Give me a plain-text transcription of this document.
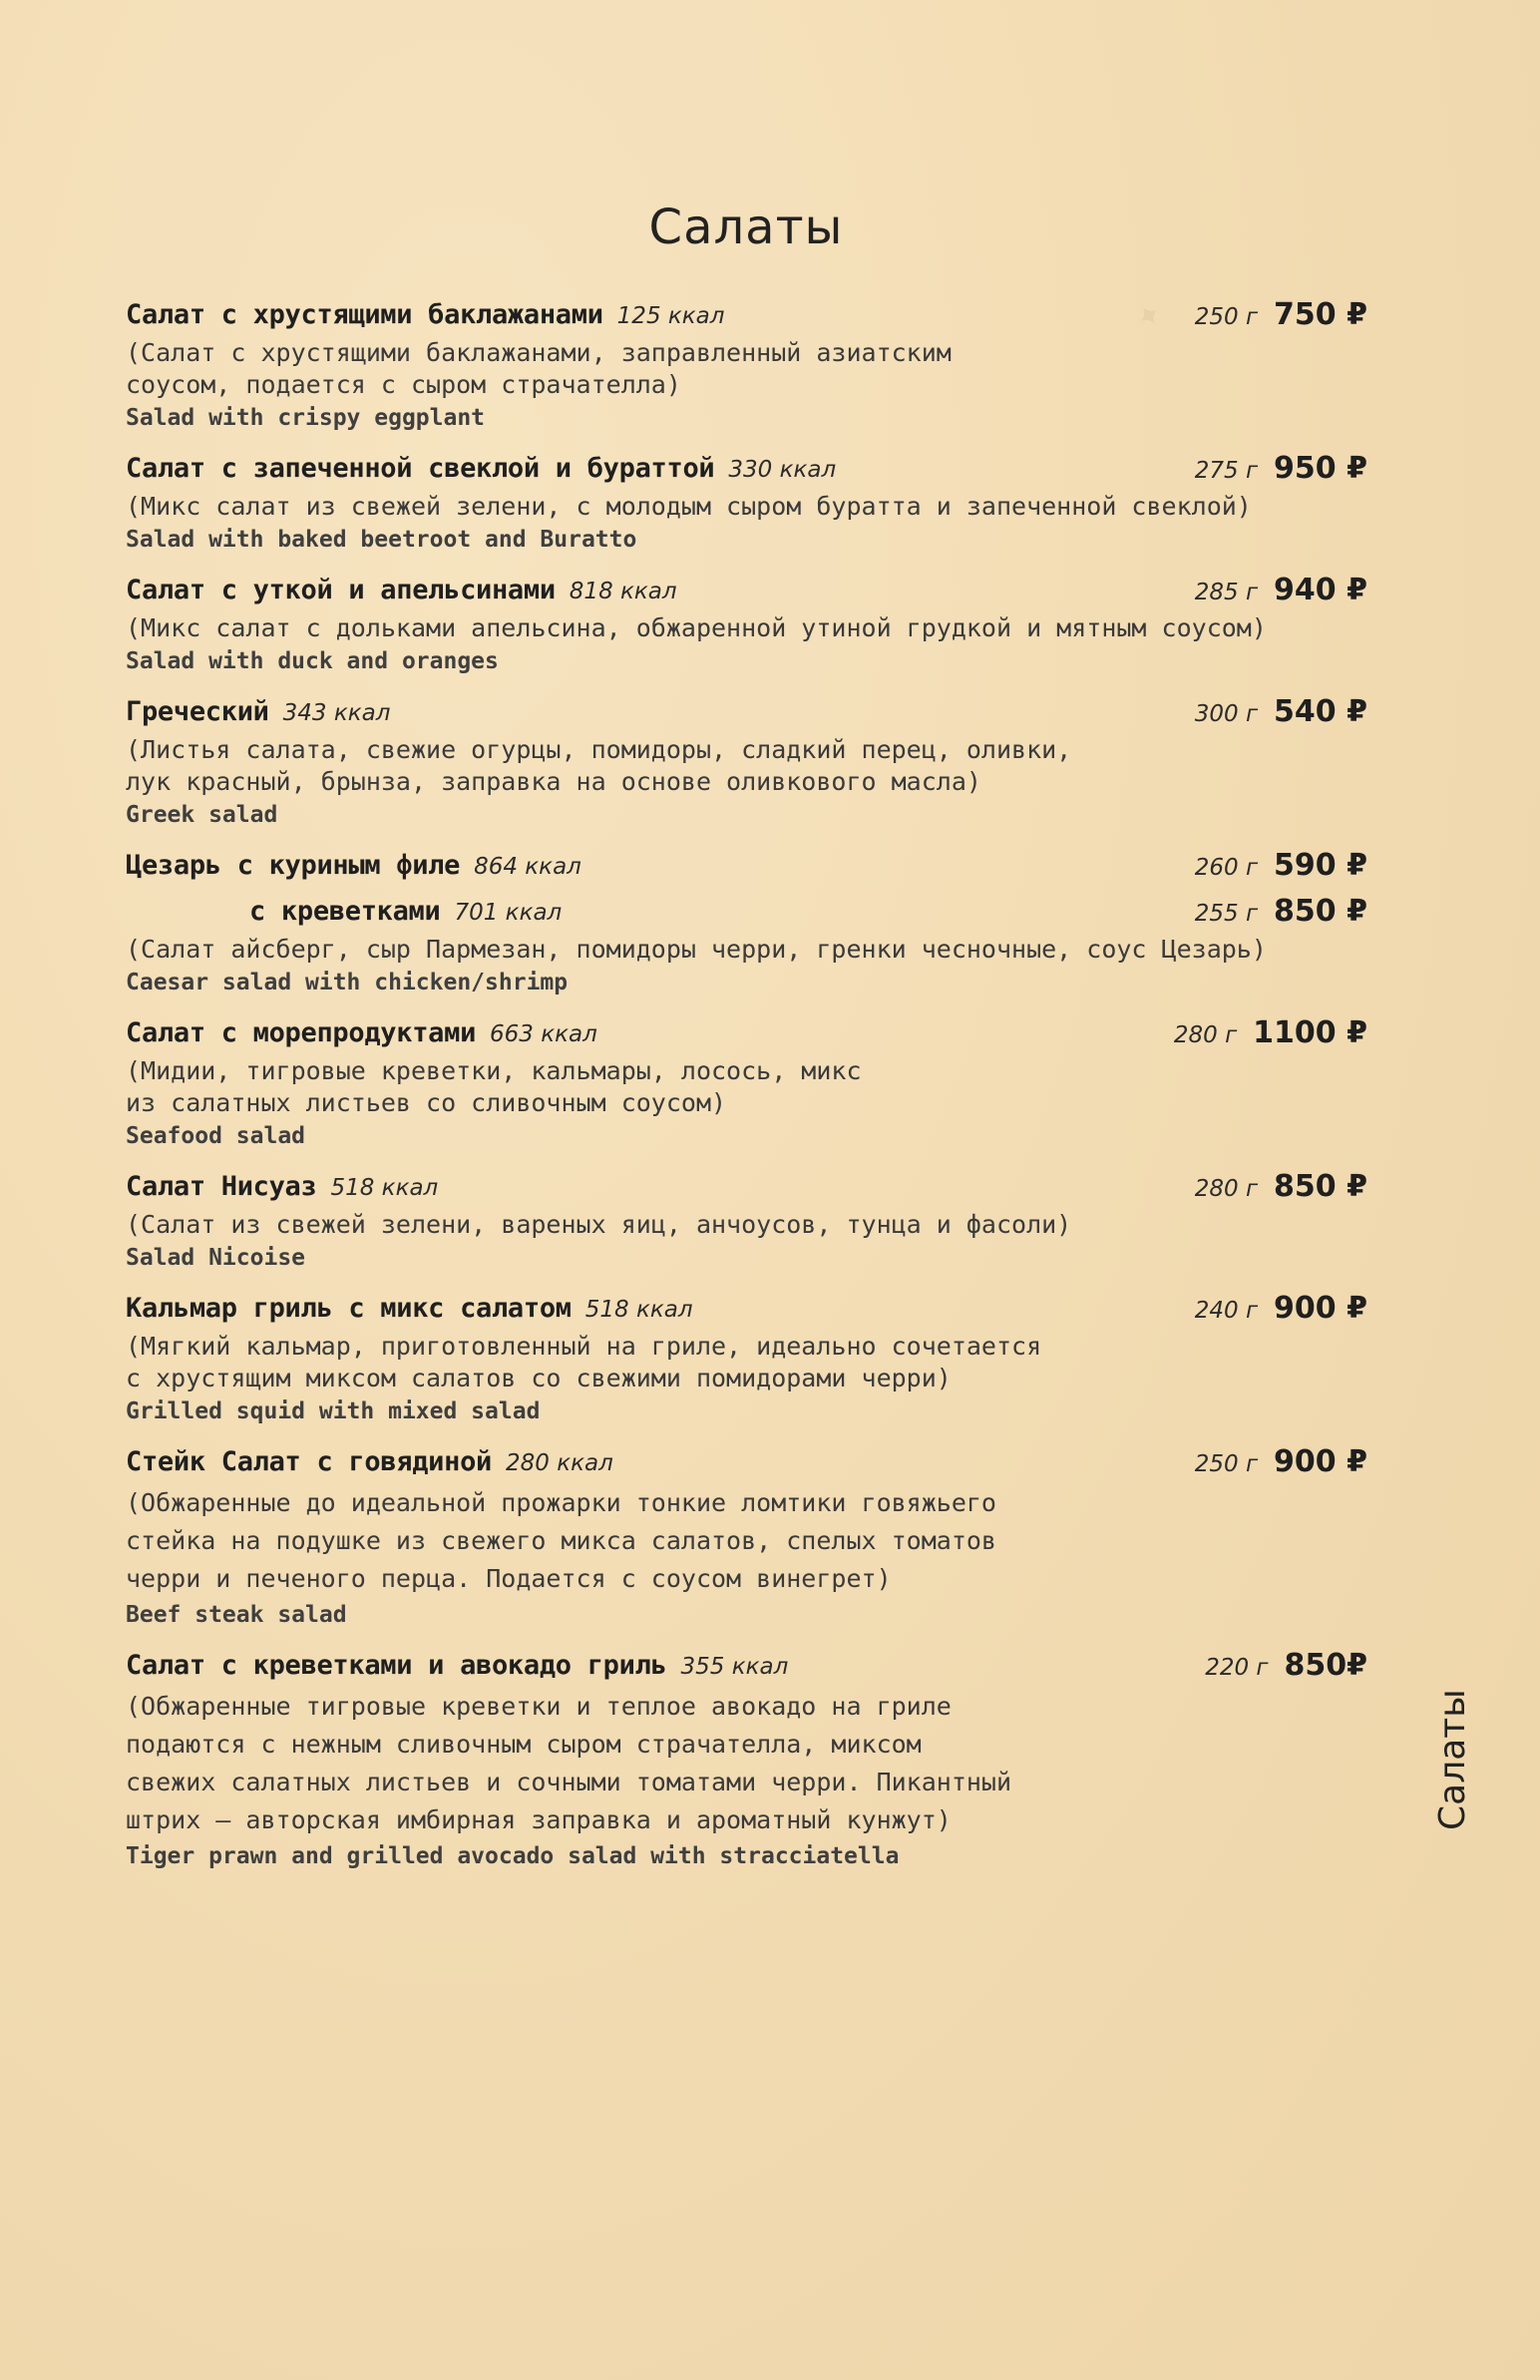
✦
Салаты
Салат с хрустящими баклажанами 125 ккал	250 г 750 ₽
(Салат с хрустящими баклажанами, заправленный азиатским
соусом, подается с сыром страчателла)
Salad with crispy eggplant
Салат с запеченной свеклой и бураттой 330 ккал	275 г 950 ₽
(Микс салат из свежей зелени, с молодым сыром буратта и запеченной свеклой)
Salad with baked beetroot and Buratto
Салат с уткой и апельсинами 818 ккал	285 г 940 ₽
(Микс салат с дольками апельсина, обжаренной утиной грудкой и мятным соусом)
Salad with duck and oranges
Греческий 343 ккал	300 г 540 ₽
(Листья салата, свежие огурцы, помидоры, сладкий перец, оливки,
лук красный, брынза, заправка на основе оливкового масла)
Greek salad
Цезарь с куриным филе 864 ккал	260 г 590 ₽
с креветками 701 ккал	255 г 850 ₽
(Салат айсберг, сыр Пармезан, помидоры черри, гренки чесночные, соус Цезарь)
Caesar salad with chicken/shrimp
Салат с морепродуктами 663 ккал	280 г 1100 ₽
(Мидии, тигровые креветки, кальмары, лосось, микс
из салатных листьев со сливочным соусом)
Seafood salad
Салат Нисуаз 518 ккал	280 г 850 ₽
(Салат из свежей зелени, вареных яиц, анчоусов, тунца и фасоли)
Salad Nicoise
Кальмар гриль с микс салатом 518 ккал	240 г 900 ₽
(Мягкий кальмар, приготовленный на гриле, идеально сочетается
с хрустящим миксом салатов со свежими помидорами черри)
Grilled squid with mixed salad
Стейк Салат с говядиной 280 ккал	250 г 900 ₽
(Обжаренные до идеальной прожарки тонкие ломтики говяжьего
стейка на подушке из свежего микса салатов, спелых томатов
черри и печеного перца. Подается с соусом винегрет)
Beef steak salad
Салат с креветками и авокадо гриль 355 ккал	220 г 850₽
(Обжаренные тигровые креветки и теплое авокадо на гриле
подаются с нежным сливочным сыром страчателла, миксом
свежих салатных листьев и сочными томатами черри. Пикантный
штрих — авторская имбирная заправка и ароматный кунжут)
Tiger prawn and grilled avocado salad with stracciatella
Салаты
